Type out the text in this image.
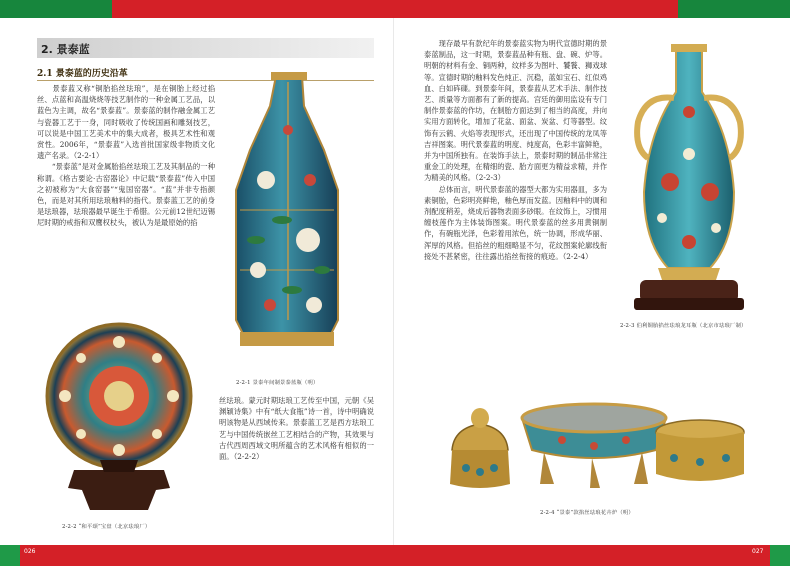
2. 景泰蓝
2.1 景泰蓝的历史沿革
　　景泰蓝又称“铜胎掐丝珐琅”，是在铜胎上经过掐丝、点蓝和高温烧烧等技艺制作的一种金属工艺品，以蓝色为主调，故名“景泰蓝”。景泰蓝的制作融金属工艺与瓷器工艺于一身，同时吸收了传统国画和雕刻技艺，可以说是中国工艺美术中的集大成者，极具艺术性和观赏性。2006年，“景泰蓝”入选首批国家级非物质文化遗产名录。（2-2-1）
　　“景泰蓝”是对金属胎掐丝珐琅工艺及其制品的一种称谓。《格古要论·古窑器论》中记载“景泰蓝”传入中国之初被称为“大食窑器”“鬼国窑器”。“蓝”并非专指颜色，而是对其所用珐琅釉料的指代。景泰蓝工艺的前身是珐琅器，珐琅器最早诞生于希腊。公元前12世纪迈锡尼时期的戒指和双鹰权杖头，被认为是最原始的掐
2-2-1 景泰年间制景泰蓝瓶（明）
2-2-2 “和平颂”宝盘（北京珐琅厂）
丝珐琅。蒙元时期珐琅工艺传至中国，元朝《吴渊颖诗集》中有“纸大食瓶”诗一首，诗中明确说明该物是从西域传来。景泰蓝工艺是西方珐琅工艺与中国传统嵌丝工艺相结合的产物，其效果与古代西周西域文明所蕴含的艺术风格有相似的一面。（2-2-2）
　　现存最早有款纪年的景泰蓝实物为明代宣德时期的景泰蓝制品，这一时期，景泰蓝品种有瓶、盘、碗、炉等。明朝的材料有金、铜两种，纹样多为图叶、饕餮、狮戏球等。宣德时期的釉料发色纯正、沉稳，蓝如宝石、红似鸡血、白如砗磲。到景泰年间，景泰蓝从艺术手法、制作技艺、质量等方面都有了新的提高。宫廷的御用监设有专门制作景泰蓝的作坊，在制胎方面达到了相当的高度，并向实用方面转化，增加了花盆、面盆、炭盆、灯等器型。纹饰有云鹤、火焰等表现形式，还出现了中国传统的龙凤等吉祥图案。明代景泰蓝的明度、纯度高，色彩丰富鲜艳，并为中国所独有。在装饰手法上，景泰时期的制品非常注重金工的处理，在精细的瓷、胎方面更为精益求精，并作为精美的风格。（2-2-3）
　　总体而言，明代景泰蓝的器型大都为实用器皿，多为素铜胎，色彩明亮鲜艳，釉色厚而发蓝。因釉料中的调和剂配度稍差，烧成后器物表面多砂眼。在纹饰上，习惯用缠枝莲作为主体装饰图案。明代景泰蓝的丝多用黄铜制作，有碗瓶光泽，色彩着用浓色，统一协调，形成华丽、浑厚的风格。但掐丝的粗细略显不匀，花纹图案轮廓线衔接处不甚紧密，往往露出掐丝衔接的痕迹。（2-2-4）
2-2-3 伯利铜胎掐丝珐琅龙耳瓶（北京市珐琅厂制）
2-2-4 “景泰”款掐丝珐琅花卉炉（明）
026	027
